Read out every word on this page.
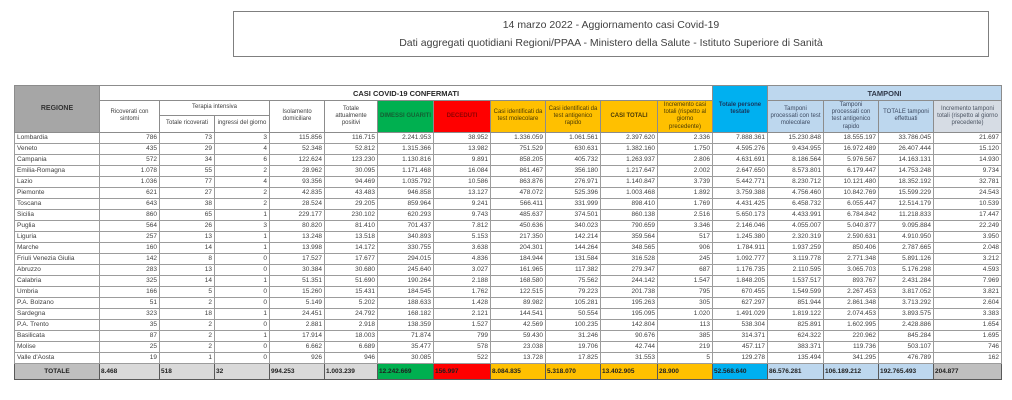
14 marzo 2022 - Aggiornamento casi Covid-19
Dati aggregati quotidiani Regioni/PPAA - Ministero della Salute - Istituto Superiore di Sanità
REGIONE	CASI COVID-19 CONFERMATI											Totale persone testate	TAMPONI			
	Ricoverati con sintomi	Terapia intensiva		Isolamento domiciliare	Totale attualmente positivi	DIMESSI GUARITI	DECEDUTI	Casi identificati da test molecolare	Casi identificati da test antigenico rapido	CASI TOTALI	Incremento casi totali (rispetto al giorno precedente)		Tamponi processati con test molecolare	Tamponi processati con test antigenico rapido	TOTALE tamponi effettuati	Incremento tamponi totali (rispetto al giorno precedente)
		Totale ricoverati	ingressi del giorno													
Lombardia	786	73	3	115.856	116.715	2.241.953	38.952	1.336.059	1.061.561	2.397.620	2.336	7.888.361	15.230.848	18.555.197	33.786.045	21.697
Veneto	435	29	4	52.348	52.812	1.315.366	13.982	751.529	630.631	1.382.160	1.750	4.595.276	9.434.955	16.972.489	26.407.444	15.120
Campania	572	34	6	122.624	123.230	1.130.816	9.891	858.205	405.732	1.263.937	2.806	4.631.691	8.186.564	5.976.567	14.163.131	14.930
Emilia-Romagna	1.078	55	2	28.962	30.095	1.171.468	16.084	861.467	356.180	1.217.647	2.002	2.647.650	8.573.801	6.179.447	14.753.248	9.734
Lazio	1.036	77	4	93.356	94.469	1.035.792	10.586	863.876	276.971	1.140.847	3.739	5.442.771	8.230.712	10.121.480	18.352.192	32.781
Piemonte	621	27	2	42.835	43.483	946.858	13.127	478.072	525.396	1.003.468	1.892	3.759.388	4.756.460	10.842.769	15.599.229	24.543
Toscana	643	38	2	28.524	29.205	859.964	9.241	566.411	331.999	898.410	1.769	4.431.425	6.458.732	6.055.447	12.514.179	10.539
Sicilia	860	65	1	229.177	230.102	620.293	9.743	485.637	374.501	860.138	2.516	5.650.173	4.433.991	6.784.842	11.218.833	17.447
Puglia	564	26	3	80.820	81.410	701.437	7.812	450.636	340.023	790.659	3.346	2.146.046	4.055.007	5.040.877	9.095.884	22.249
Liguria	257	13	1	13.248	13.518	340.893	5.153	217.350	142.214	359.564	517	1.245.380	2.320.319	2.590.631	4.910.950	3.950
Marche	160	14	1	13.998	14.172	330.755	3.638	204.301	144.264	348.565	906	1.784.911	1.937.259	850.406	2.787.665	2.048
Friuli Venezia Giulia	142	8	0	17.527	17.677	294.015	4.836	184.944	131.584	316.528	245	1.092.777	3.119.778	2.771.348	5.891.126	3.212
Abruzzo	283	13	0	30.384	30.680	245.640	3.027	161.965	117.382	279.347	687	1.176.735	2.110.595	3.065.703	5.176.298	4.593
Calabria	325	14	1	51.351	51.690	190.264	2.188	168.580	75.562	244.142	1.547	1.848.205	1.537.517	893.767	2.431.284	7.969
Umbria	166	5	0	15.260	15.431	184.545	1.762	122.515	79.223	201.738	795	670.455	1.549.599	2.267.453	3.817.052	3.821
P.A. Bolzano	51	2	0	5.149	5.202	188.633	1.428	89.982	105.281	195.263	305	627.297	851.944	2.861.348	3.713.292	2.604
Sardegna	323	18	1	24.451	24.792	168.182	2.121	144.541	50.554	195.095	1.020	1.491.029	1.819.122	2.074.453	3.893.575	3.383
P.A. Trento	35	2	0	2.881	2.918	138.359	1.527	42.569	100.235	142.804	113	538.304	825.891	1.602.995	2.428.886	1.654
Basilicata	87	2	1	17.914	18.003	71.874	799	59.430	31.246	90.676	385	314.371	624.322	220.962	845.284	1.695
Molise	25	2	0	6.662	6.689	35.477	578	23.038	19.706	42.744	219	457.117	383.371	119.736	503.107	746
Valle d'Aosta	19	1	0	926	946	30.085	522	13.728	17.825	31.553	5	129.278	135.494	341.295	476.789	162
TOTALE	8.468	518	32	994.253	1.003.239	12.242.669	156.997	8.084.835	5.318.070	13.402.905	28.900	52.568.640	86.576.281	106.189.212	192.765.493	204.877
